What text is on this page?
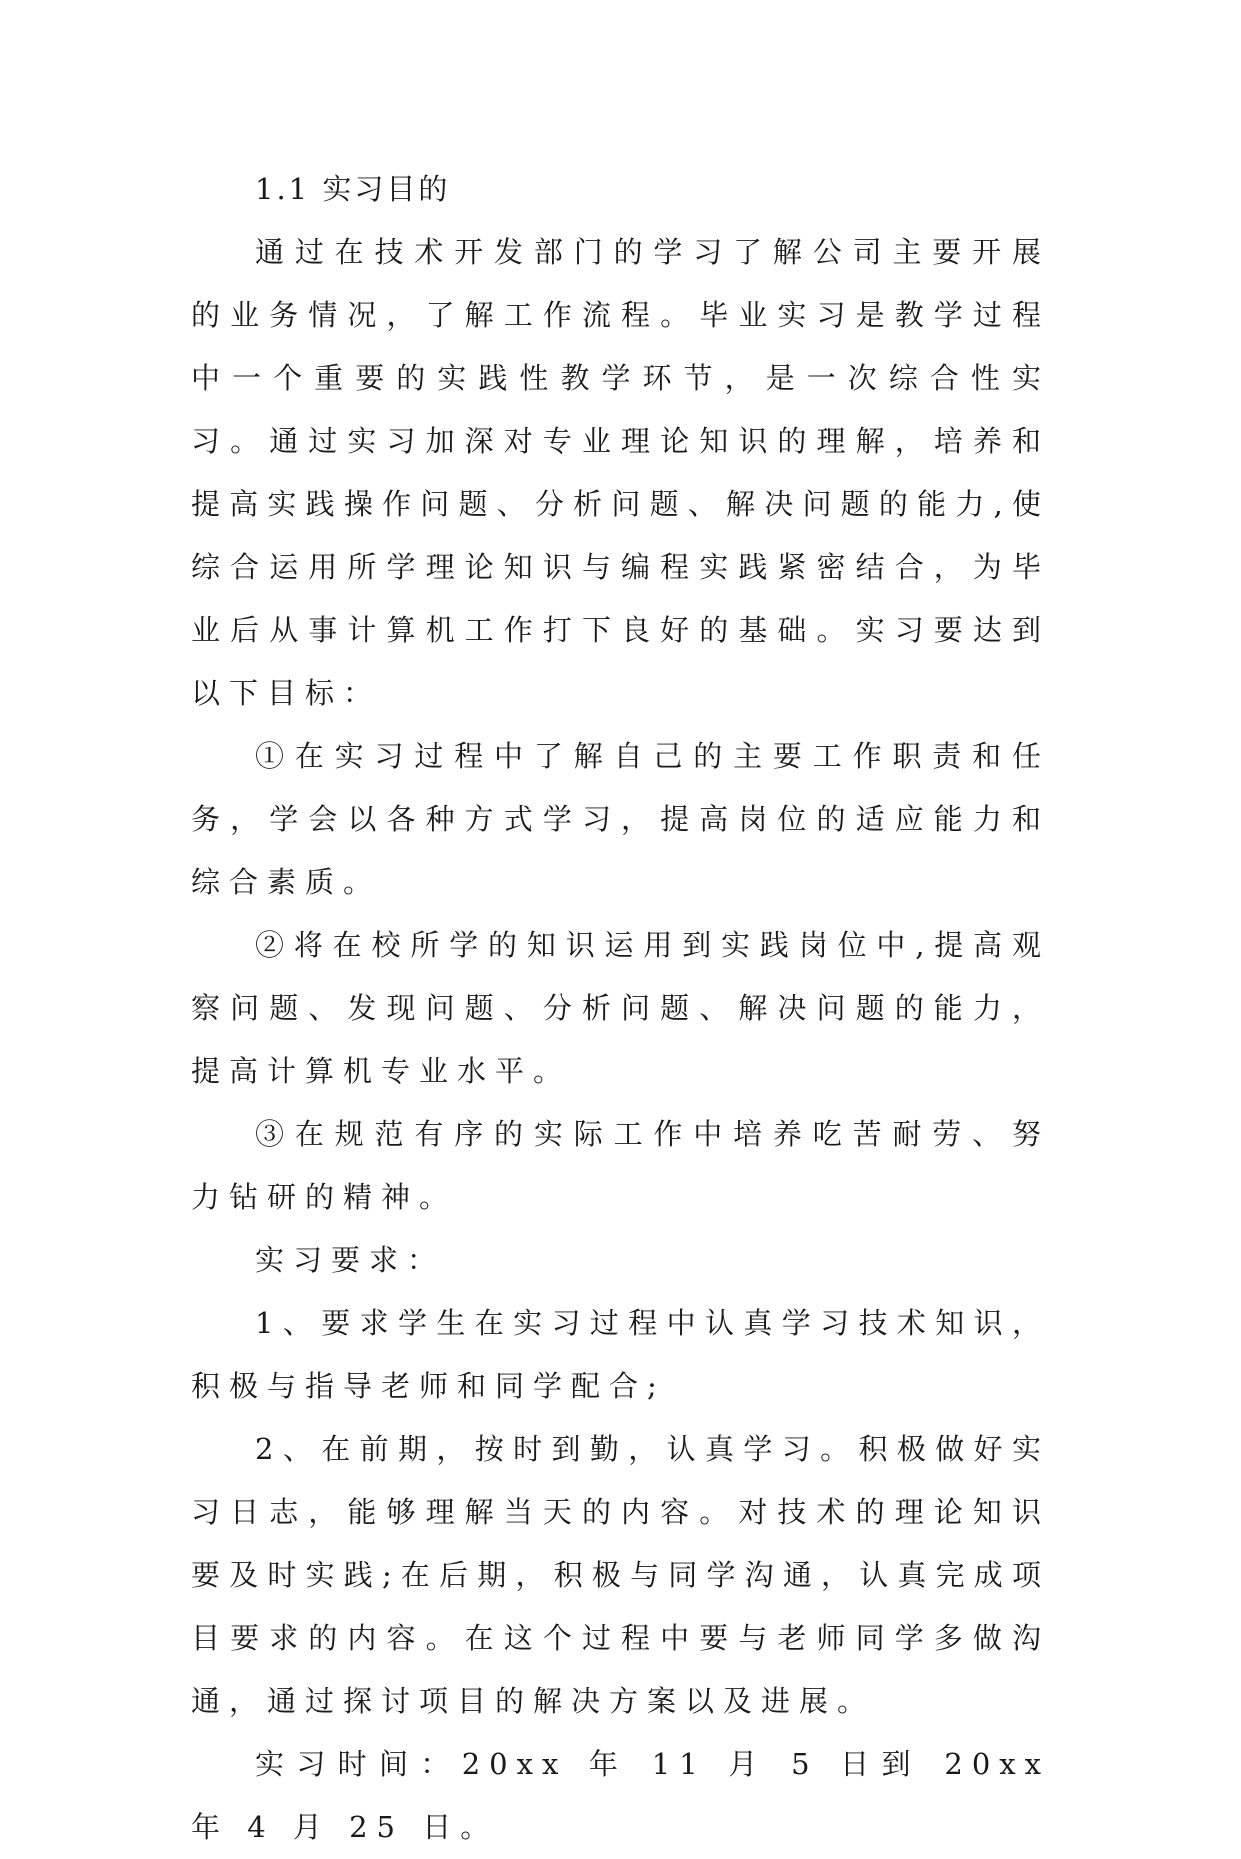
1.1 实习目的

通过在技术开发部门的学习了解公司主要开展的业务情况，了解工作流程。毕业实习是教学过程中一个重要的实践性教学环节，是一次综合性实习。通过实习加深对专业理论知识的理解，培养和提高实践操作问题、分析问题、解决问题的能力,使综合运用所学理论知识与编程实践紧密结合，为毕业后从事计算机工作打下良好的基础。实习要达到以下目标：

①在实习过程中了解自己的主要工作职责和任务，学会以各种方式学习，提高岗位的适应能力和综合素质。

②将在校所学的知识运用到实践岗位中,提高观察问题、发现问题、分析问题、解决问题的能力，提高计算机专业水平。

③在规范有序的实际工作中培养吃苦耐劳、努力钻研的精神。

实习要求：

1、要求学生在实习过程中认真学习技术知识，积极与指导老师和同学配合;

2、在前期，按时到勤，认真学习。积极做好实习日志，能够理解当天的内容。对技术的理论知识要及时实践;在后期，积极与同学沟通，认真完成项目要求的内容。在这个过程中要与老师同学多做沟通，通过探讨项目的解决方案以及进展。

实习时间：20xx 年 11 月 5 日到 20xx 年 4 月 25 日。
